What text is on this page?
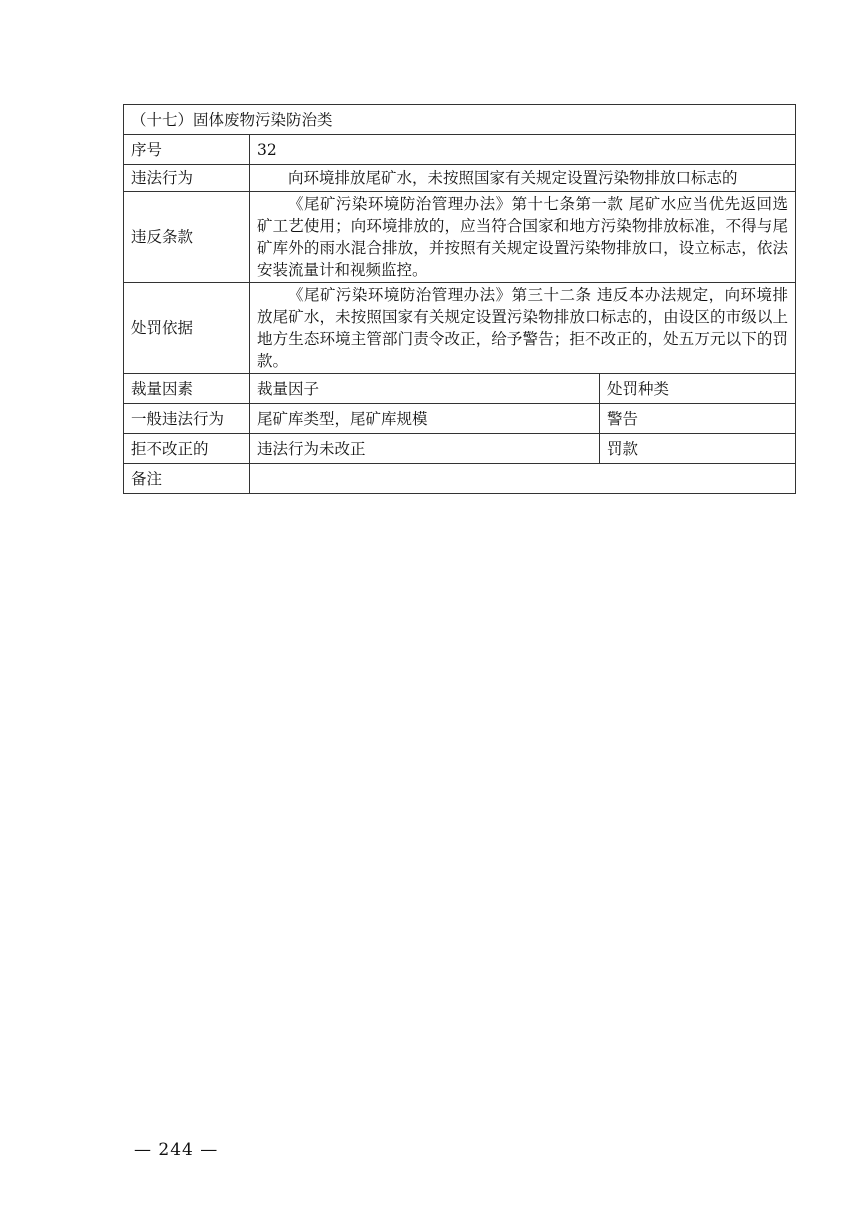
（十七）固体废物污染防治类		
序号	32	
违法行为	向环境排放尾矿水，未按照国家有关规定设置污染物排放口标志的	
违反条款	《尾矿污染环境防治管理办法》第十七条第一款 尾矿水应当优先返回选矿工艺使用；向环境排放的，应当符合国家和地方污染物排放标准，不得与尾矿库外的雨水混合排放，并按照有关规定设置污染物排放口，设立标志，依法安装流量计和视频监控。	
处罚依据	《尾矿污染环境防治管理办法》第三十二条 违反本办法规定，向环境排放尾矿水，未按照国家有关规定设置污染物排放口标志的，由设区的市级以上地方生态环境主管部门责令改正，给予警告；拒不改正的，处五万元以下的罚款。	
裁量因素	裁量因子	处罚种类
一般违法行为	尾矿库类型，尾矿库规模	警告
拒不改正的	违法行为未改正	罚款
备注		
— 244 —
